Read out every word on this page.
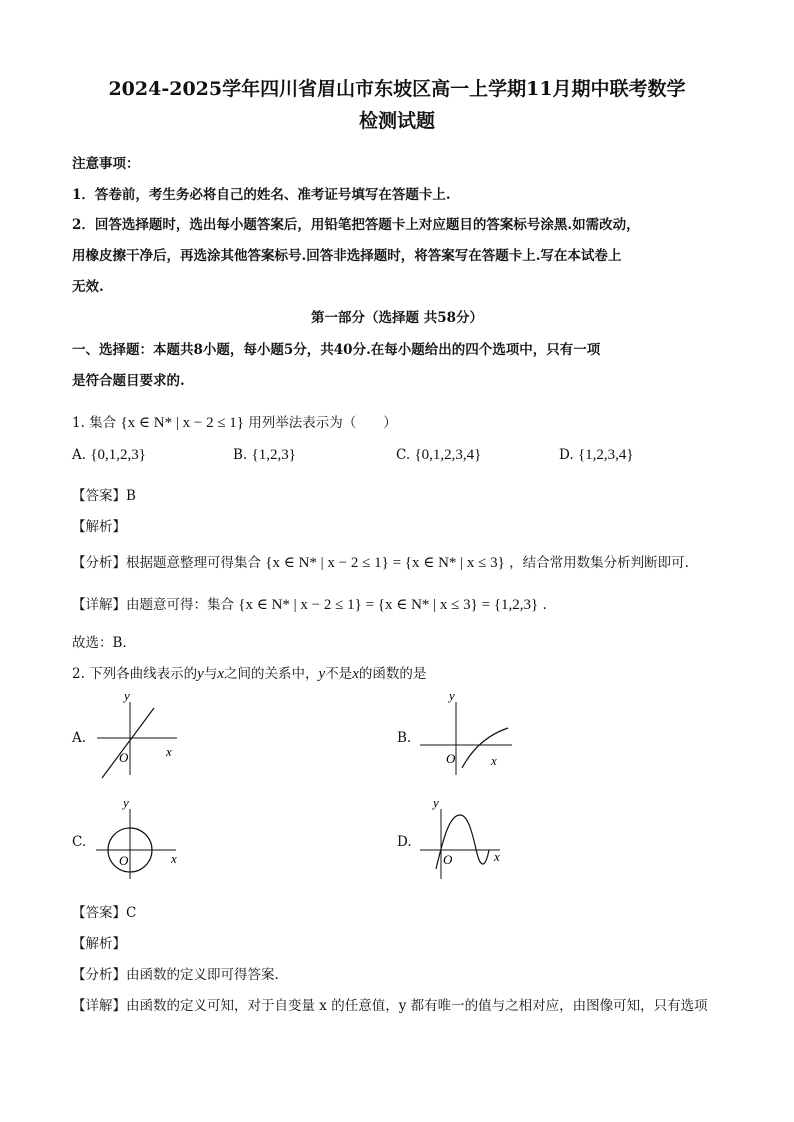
2024-2025学年四川省眉山市东坡区高一上学期11月期中联考数学
检测试题
注意事项：
1．答卷前，考生务必将自己的姓名、准考证号填写在答题卡上.
2．回答选择题时，选出每小题答案后，用铅笔把答题卡上对应题目的答案标号涂黑.如需改动，
用橡皮擦干净后，再选涂其他答案标号.回答非选择题时，将答案写在答题卡上.写在本试卷上
无效.
第一部分（选择题 共58分）
一、选择题：本题共8小题，每小题5分，共40分.在每小题给出的四个选项中，只有一项
是符合题目要求的.
1. 集合 {x ∈ N* | x − 2 ≤ 1} 用列举法表示为（　　）
A. {0,1,2,3}	B. {1,2,3}	C. {0,1,2,3,4}	D. {1,2,3,4}
【答案】B
【解析】
【分析】根据题意整理可得集合 {x ∈ N* | x − 2 ≤ 1} = {x ∈ N* | x ≤ 3} ，结合常用数集分析判断即可.
【详解】由题意可得：集合 {x ∈ N* | x − 2 ≤ 1} = {x ∈ N* | x ≤ 3} = {1,2,3} .
故选：B.
2. 下列各曲线表示的y与x之间的关系中，y不是x的函数的是
A.	B.
C.	D.
y
x
O
y
x
O
y
x
O
y
x
O
【答案】C
【解析】
【分析】由函数的定义即可得答案.
【详解】由函数的定义可知，对于自变量 x 的任意值，y 都有唯一的值与之相对应，由图像可知，只有选项
